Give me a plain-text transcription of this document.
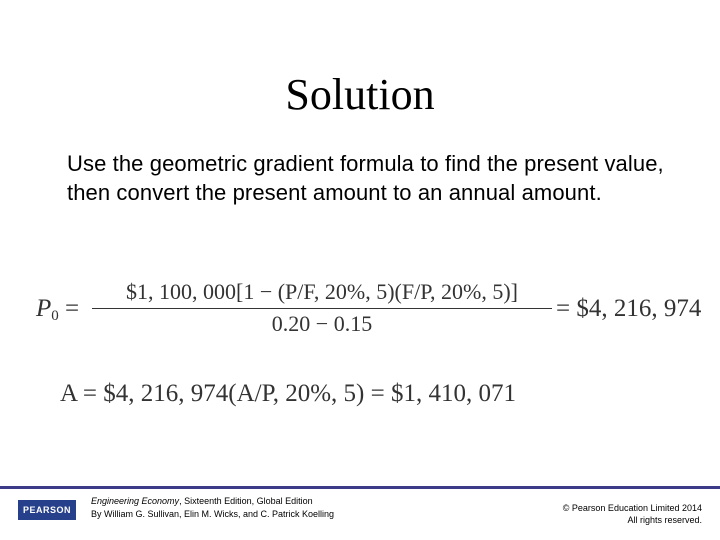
Solution
Use the geometric gradient formula to find the present value, then convert the present amount to an annual amount.
$P_0$ =
$1, 100, 000[1 − (P/F, 20%, 5)(F/P, 20%, 5)]
0.20 − 0.15
= $4, 216, 974
A = $4, 216, 974(A/P, 20%, 5) = $1, 410, 071
PEARSON
Engineering Economy, Sixteenth Edition, Global Edition
By William G. Sullivan, Elin M. Wicks, and C. Patrick Koelling
© Pearson Education Limited 2014
All rights reserved.
